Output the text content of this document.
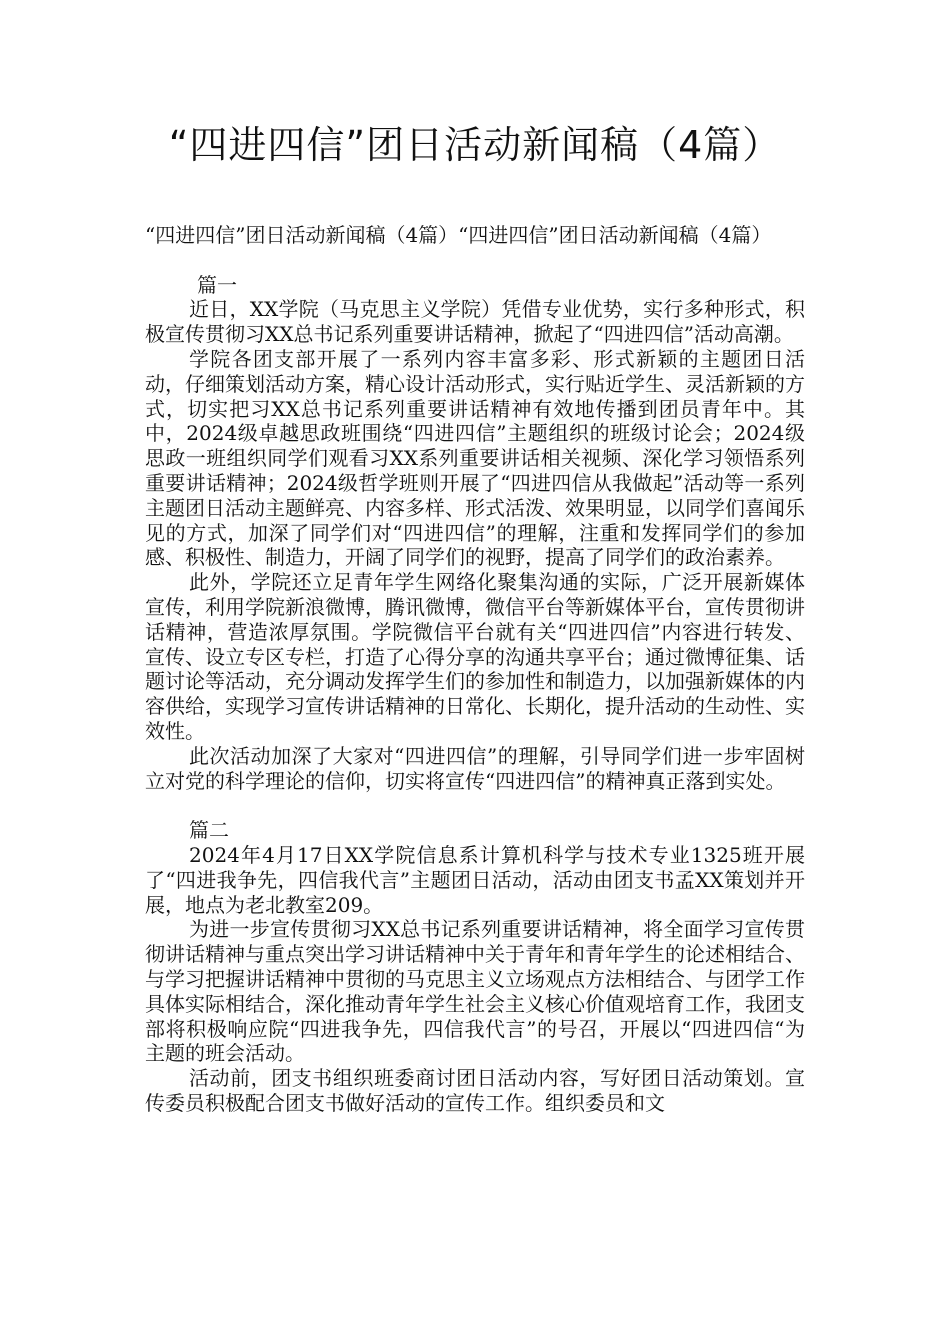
“四进四信”团日活动新闻稿（4篇）

“四进四信”团日活动新闻稿（4篇）“四进四信”团日活动新闻稿（4篇）

篇一

近日，XX学院（马克思主义学院）凭借专业优势，实行多种形式，积极宣传贯彻习XX总书记系列重要讲话精神，掀起了“四进四信”活动高潮。

学院各团支部开展了一系列内容丰富多彩、形式新颖的主题团日活动，仔细策划活动方案，精心设计活动形式，实行贴近学生、灵活新颖的方式，切实把习XX总书记系列重要讲话精神有效地传播到团员青年中。其中，2024级卓越思政班围绕“四进四信”主题组织的班级讨论会；2024级思政一班组织同学们观看习XX系列重要讲话相关视频、深化学习领悟系列重要讲话精神；2024级哲学班则开展了“四进四信从我做起”活动等一系列主题团日活动主题鲜亮、内容多样、形式活泼、效果明显，以同学们喜闻乐见的方式，加深了同学们对“四进四信”的理解，注重和发挥同学们的参加感、积极性、制造力，开阔了同学们的视野，提高了同学们的政治素养。

此外，学院还立足青年学生网络化聚集沟通的实际，广泛开展新媒体宣传，利用学院新浪微博，腾讯微博，微信平台等新媒体平台，宣传贯彻讲话精神，营造浓厚氛围。学院微信平台就有关“四进四信”内容进行转发、宣传、设立专区专栏，打造了心得分享的沟通共享平台；通过微博征集、话题讨论等活动，充分调动发挥学生们的参加性和制造力，以加强新媒体的内容供给，实现学习宣传讲话精神的日常化、长期化，提升活动的生动性、实效性。

此次活动加深了大家对“四进四信”的理解，引导同学们进一步牢固树立对党的科学理论的信仰，切实将宣传“四进四信”的精神真正落到实处。

篇二

2024年4月17日XX学院信息系计算机科学与技术专业1325班开展了“四进我争先，四信我代言”主题团日活动，活动由团支书孟XX策划并开展，地点为老北教室209。

为进一步宣传贯彻习XX总书记系列重要讲话精神，将全面学习宣传贯彻讲话精神与重点突出学习讲话精神中关于青年和青年学生的论述相结合、与学习把握讲话精神中贯彻的马克思主义立场观点方法相结合、与团学工作具体实际相结合，深化推动青年学生社会主义核心价值观培育工作，我团支部将积极响应院“四进我争先，四信我代言”的号召，开展以“四进四信“为主题的班会活动。

活动前，团支书组织班委商讨团日活动内容，写好团日活动策划。宣传委员积极配合团支书做好活动的宣传工作。组织委员和文
